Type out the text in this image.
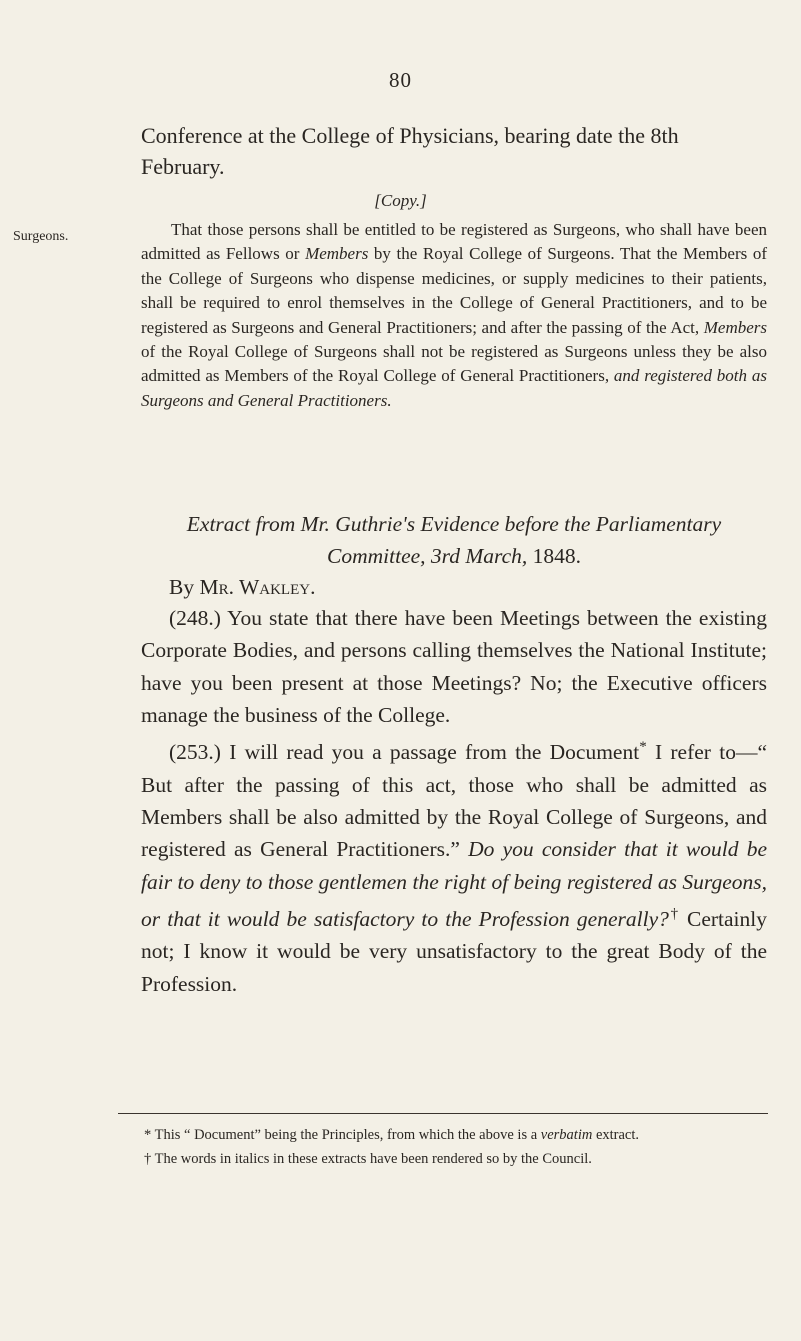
80
Surgeons.

Conference at the College of Physicians, bearing date the 8th February.

[Copy.]

That those persons shall be entitled to be registered as Surgeons, who shall have been admitted as Fellows or Members by the Royal College of Surgeons. That the Members of the College of Surgeons who dispense medicines, or supply medicines to their patients, shall be required to enrol themselves in the College of General Practitioners, and to be registered as Surgeons and General Practitioners; and after the passing of the Act, Members of the Royal College of Surgeons shall not be registered as Surgeons unless they be also admitted as Members of the Royal College of General Practitioners, and registered both as Surgeons and General Practitioners.

Extract from Mr. Guthrie's Evidence before the Parliamentary Committee, 3rd March, 1848.

By Mr. Wakley.

(248.) You state that there have been Meetings between the existing Corporate Bodies, and persons calling themselves the National Institute; have you been present at those Meetings? No; the Executive officers manage the business of the College.

(253.) I will read you a passage from the Document* I refer to—“ But after the passing of this act, those who shall be admitted as Members shall be also admitted by the Royal College of Surgeons, and registered as General Practitioners.” Do you consider that it would be fair to deny to those gentlemen the right of being registered as Surgeons, or that it would be satisfactory to the Profession generally?† Certainly not; I know it would be very unsatisfactory to the great Body of the Profession.

* This “ Document” being the Principles, from which the above is a verbatim extract.

† The words in italics in these extracts have been rendered so by the Council.
